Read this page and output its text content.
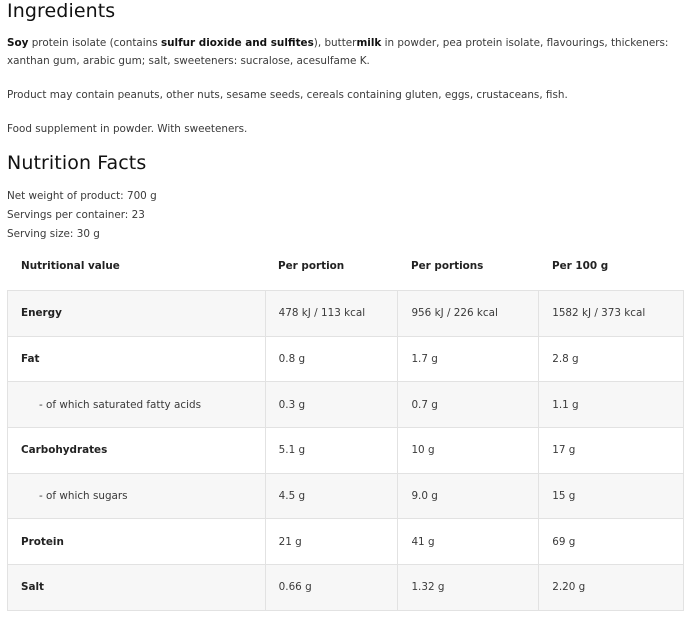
Ingredients

Soy protein isolate (contains sulfur dioxide and sulfites), buttermilk in powder, pea protein isolate, flavourings, thickeners: xanthan gum, arabic gum; salt, sweeteners: sucralose, acesulfame K.

Product may contain peanuts, other nuts, sesame seeds, cereals containing gluten, eggs, crustaceans, fish.

Food supplement in powder. With sweeteners.

Nutrition Facts
Net weight of product: 700 g
Servings per container: 23
Serving size: 30 g
Nutritional value	Per portion	Per portions	Per 100 g
Energy	478 kJ / 113 kcal	956 kJ / 226 kcal	1582 kJ / 373 kcal
Fat	0.8 g	1.7 g	2.8 g
- of which saturated fatty acids	0.3 g	0.7 g	1.1 g
Carbohydrates	5.1 g	10 g	17 g
- of which sugars	4.5 g	9.0 g	15 g
Protein	21 g	41 g	69 g
Salt	0.66 g	1.32 g	2.20 g
